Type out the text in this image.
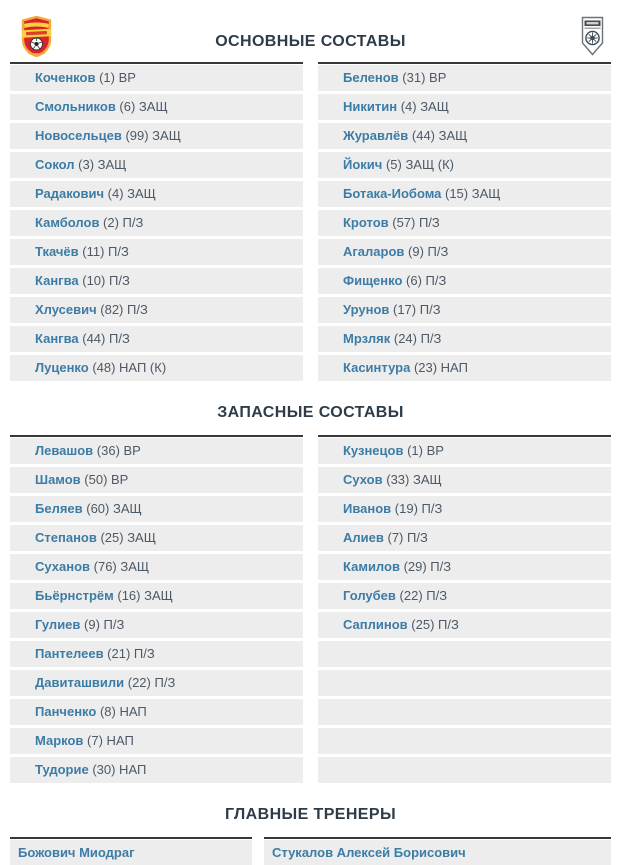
ОСНОВНЫЕ СОСТАВЫ
Коченков (1) ВР
Смольников (6) ЗАЩ
Новосельцев (99) ЗАЩ
Сокол (3) ЗАЩ
Радакович (4) ЗАЩ
Камболов (2) П/З
Ткачёв (11) П/З
Кангва (10) П/З
Хлусевич (82) П/З
Кангва (44) П/З
Луценко (48) НАП (К)
Беленов (31) ВР
Никитин (4) ЗАЩ
Журавлёв (44) ЗАЩ
Йокич (5) ЗАЩ (К)
Ботака-Иобома (15) ЗАЩ
Кротов (57) П/З
Агаларов (9) П/З
Фищенко (6) П/З
Урунов (17) П/З
Мрзляк (24) П/З
Касинтура (23) НАП
ЗАПАСНЫЕ СОСТАВЫ
Левашов (36) ВР
Шамов (50) ВР
Беляев (60) ЗАЩ
Степанов (25) ЗАЩ
Суханов (76) ЗАЩ
Бьёрнстрём (16) ЗАЩ
Гулиев (9) П/З
Пантелеев (21) П/З
Давиташвили (22) П/З
Панченко (8) НАП
Марков (7) НАП
Тудорие (30) НАП
Кузнецов (1) ВР
Сухов (33) ЗАЩ
Иванов (19) П/З
Алиев (7) П/З
Камилов (29) П/З
Голубев (22) П/З
Саплинов (25) П/З
ГЛАВНЫЕ ТРЕНЕРЫ
Божович Миодраг	Стукалов Алексей Борисович
